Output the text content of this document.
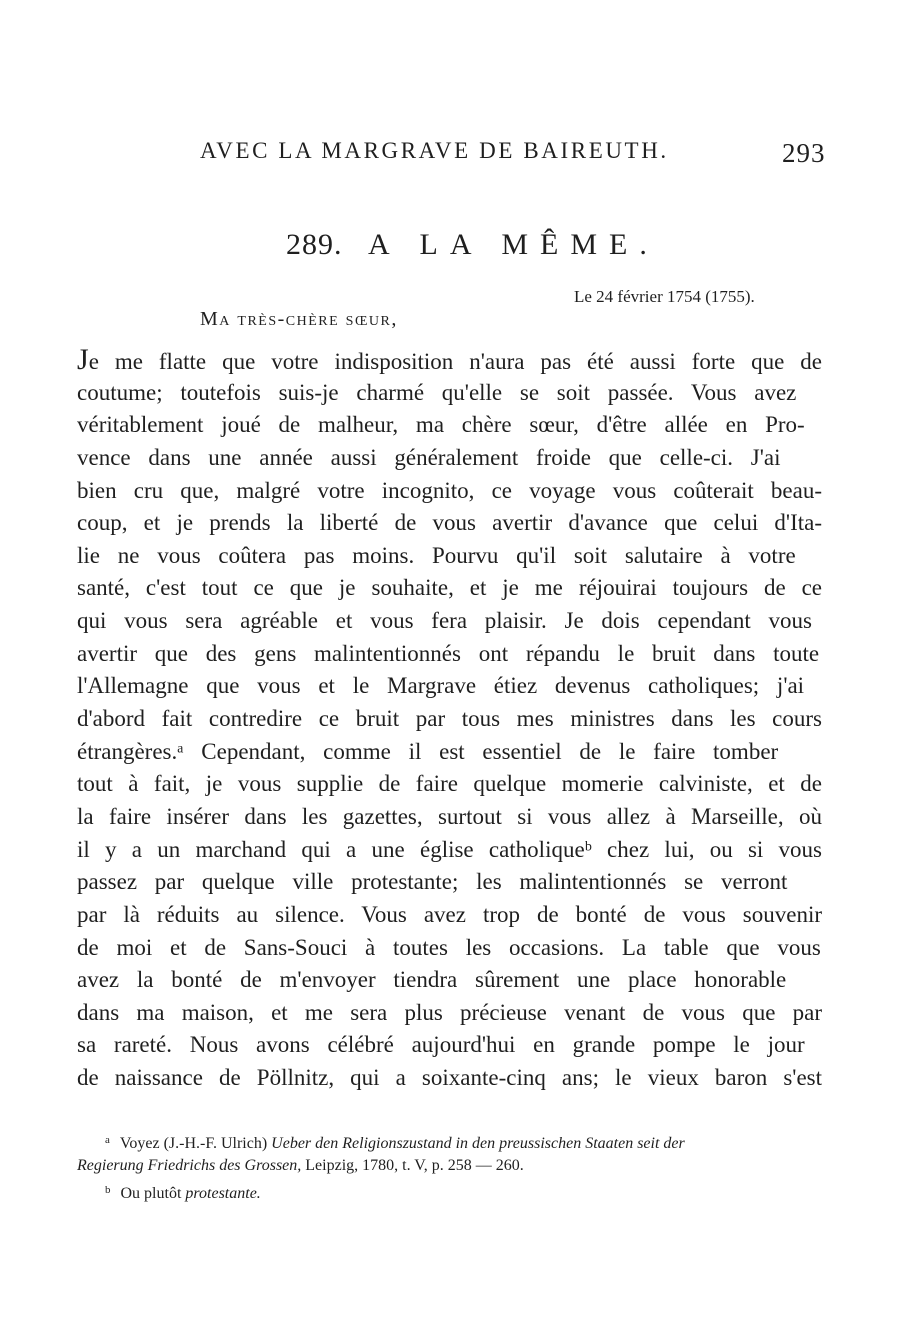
AVEC LA MARGRAVE DE BAIREUTH.	293
289. A LA MÊME.
Le 24 février 1754 (1755).
Ma très-chère sœur,
Je me flatte que votre indisposition n'aura pas été aussi forte que de
coutume; toutefois suis-je charmé qu'elle se soit passée. Vous avez
véritablement joué de malheur, ma chère sœur, d'être allée en Pro-
vence dans une année aussi généralement froide que celle-ci. J'ai
bien cru que, malgré votre incognito, ce voyage vous coûterait beau-
coup, et je prends la liberté de vous avertir d'avance que celui d'Ita-
lie ne vous coûtera pas moins. Pourvu qu'il soit salutaire à votre
santé, c'est tout ce que je souhaite, et je me réjouirai toujours de ce
qui vous sera agréable et vous fera plaisir. Je dois cependant vous
avertir que des gens malintentionnés ont répandu le bruit dans toute
l'Allemagne que vous et le Margrave étiez devenus catholiques; j'ai
d'abord fait contredire ce bruit par tous mes ministres dans les cours
étrangères.ᵃ Cependant, comme il est essentiel de le faire tomber
tout à fait, je vous supplie de faire quelque momerie calviniste, et de
la faire insérer dans les gazettes, surtout si vous allez à Marseille, où
il y a un marchand qui a une église catholiqueᵇ chez lui, ou si vous
passez par quelque ville protestante; les malintentionnés se verront
par là réduits au silence. Vous avez trop de bonté de vous souvenir
de moi et de Sans-Souci à toutes les occasions. La table que vous
avez la bonté de m'envoyer tiendra sûrement une place honorable
dans ma maison, et me sera plus précieuse venant de vous que par
sa rareté. Nous avons célébré aujourd'hui en grande pompe le jour
de naissance de Pöllnitz, qui a soixante-cinq ans; le vieux baron s'est
$^a$ Voyez (J.-H.-F. Ulrich) Ueber den Religionszustand in den preussischen Staaten seit der
Regierung Friedrichs des Grossen, Leipzig, 1780, t. V, p. 258 — 260.
$^b$ Ou plutôt protestante.
